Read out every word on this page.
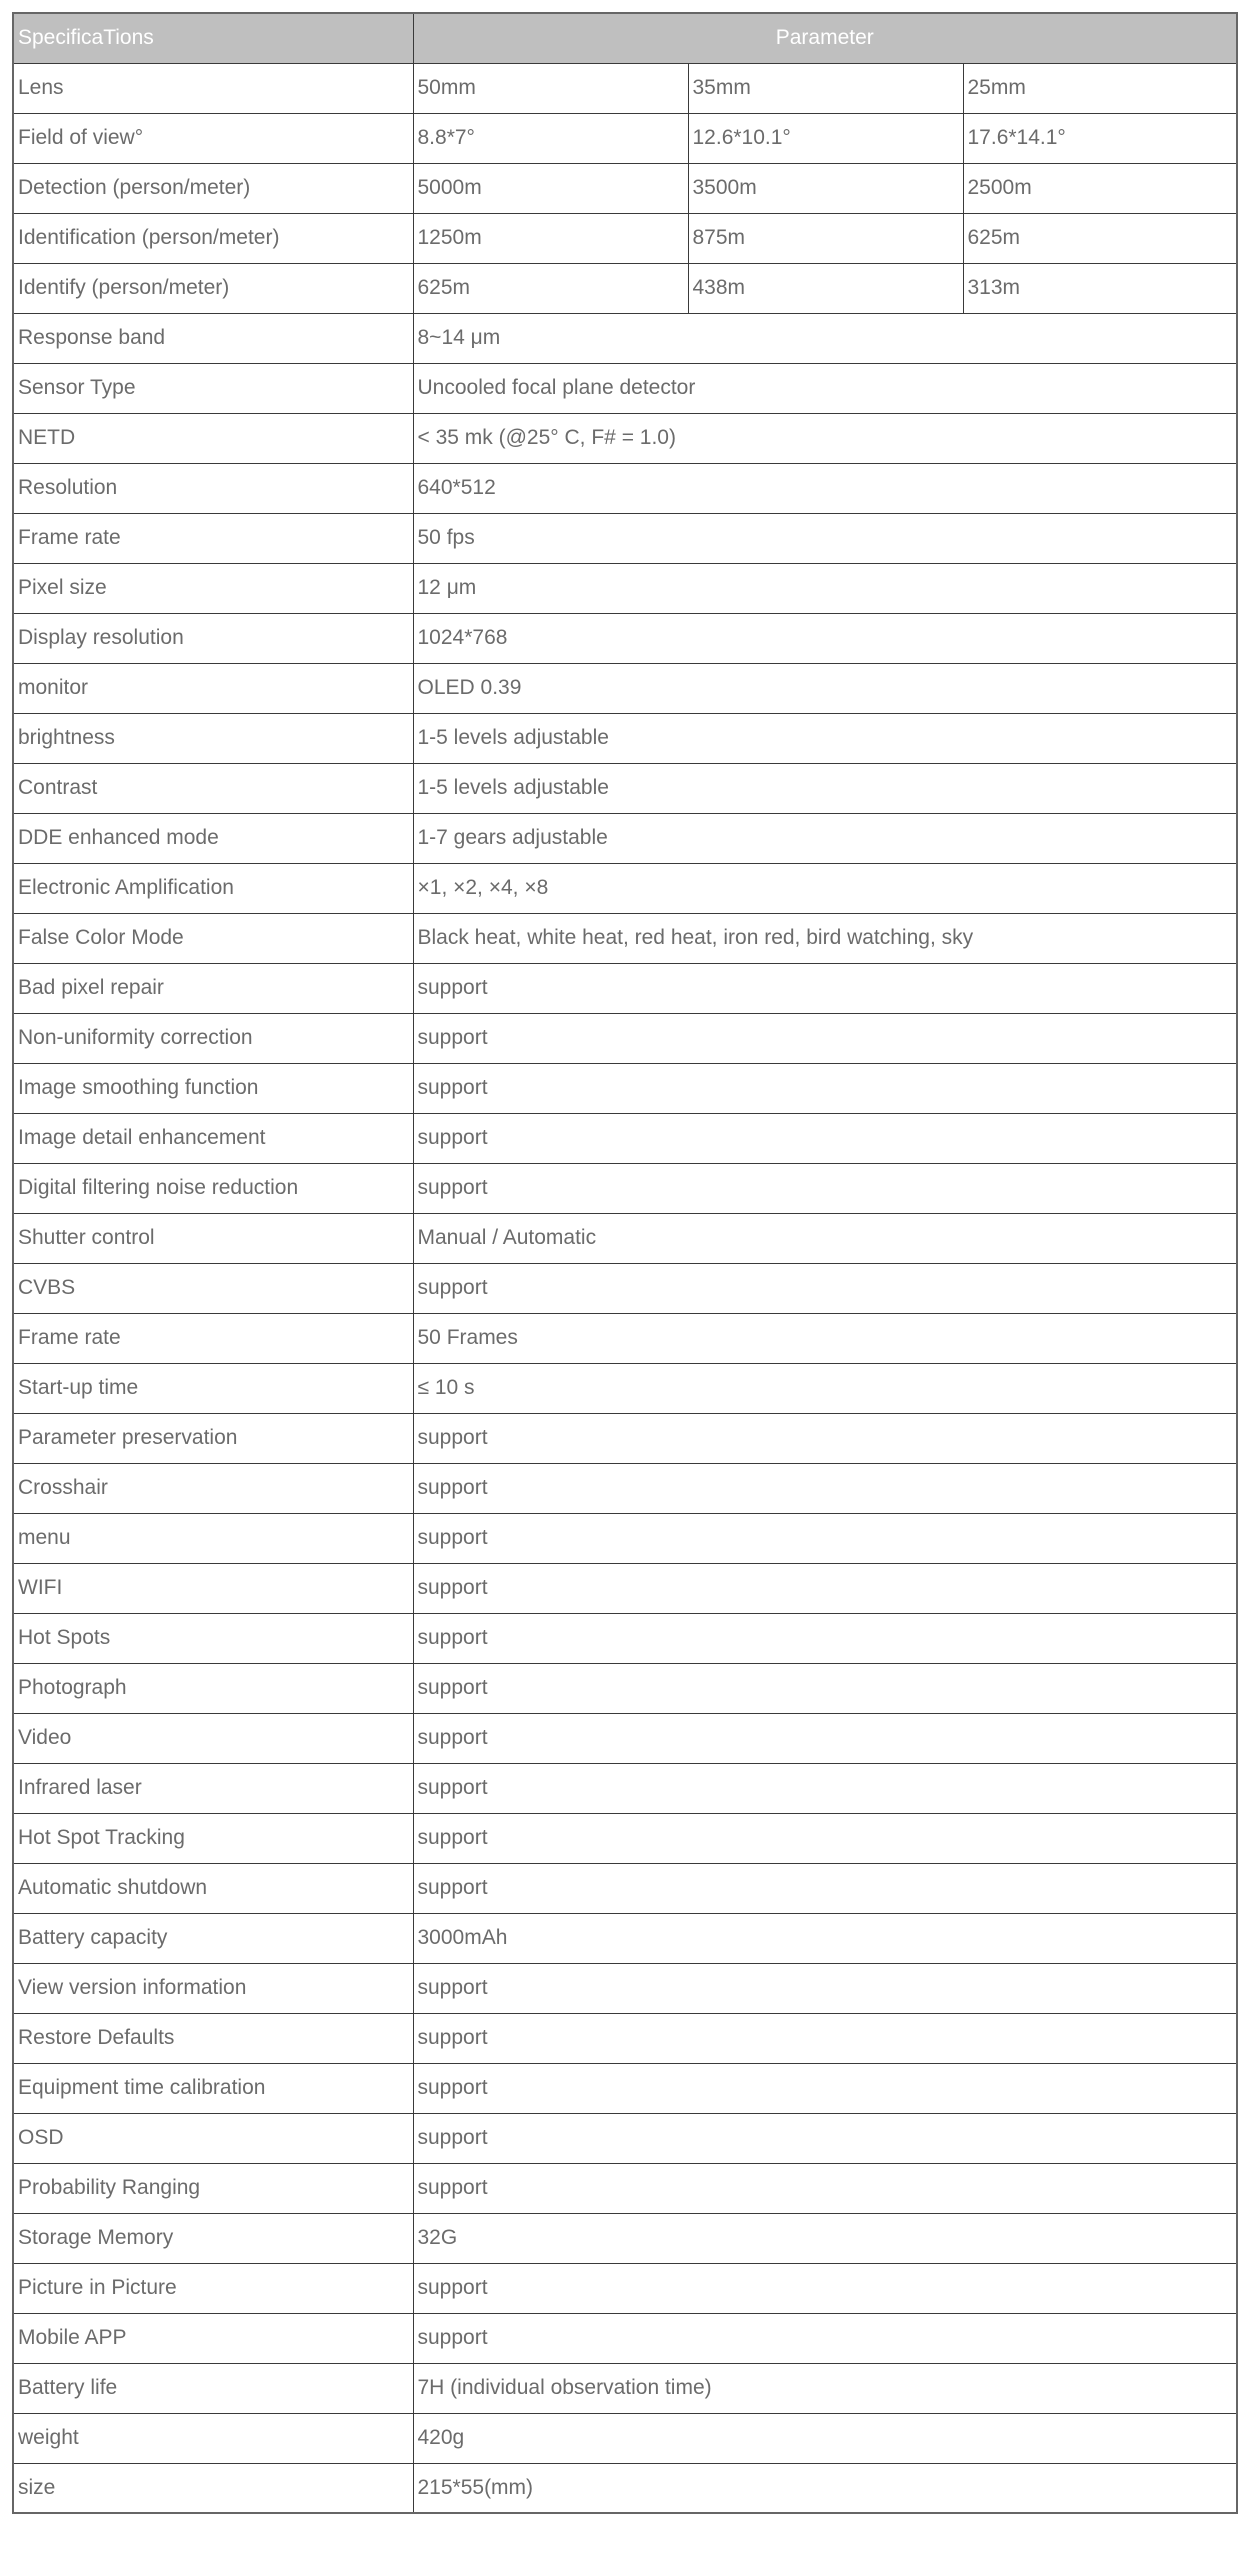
SpecificaTions	Parameter		
Lens	50mm	35mm	25mm
Field of view°	8.8*7°	12.6*10.1°	17.6*14.1°
Detection (person/meter)	5000m	3500m	2500m
Identification (person/meter)	1250m	875m	625m
Identify (person/meter)	625m	438m	313m
Response band	8~14 μm		
Sensor Type	Uncooled focal plane detector		
NETD	< 35 mk (@25° C, F# = 1.0)		
Resolution	640*512		
Frame rate	50 fps		
Pixel size	12 μm		
Display resolution	1024*768		
monitor	OLED 0.39		
brightness	1-5 levels adjustable		
Contrast	1-5 levels adjustable		
DDE enhanced mode	1-7 gears adjustable		
Electronic Amplification	×1, ×2, ×4, ×8		
False Color Mode	Black heat, white heat, red heat, iron red, bird watching, sky		
Bad pixel repair	support		
Non-uniformity correction	support		
Image smoothing function	support		
Image detail enhancement	support		
Digital filtering noise reduction	support		
Shutter control	Manual / Automatic		
CVBS	support		
Frame rate	50 Frames		
Start-up time	≤ 10 s		
Parameter preservation	support		
Crosshair	support		
menu	support		
WIFI	support		
Hot Spots	support		
Photograph	support		
Video	support		
Infrared laser	support		
Hot Spot Tracking	support		
Automatic shutdown	support		
Battery capacity	3000mAh		
View version information	support		
Restore Defaults	support		
Equipment time calibration	support		
OSD	support		
Probability Ranging	support		
Storage Memory	32G		
Picture in Picture	support		
Mobile APP	support		
Battery life	7H (individual observation time)		
weight	420g		
size	215*55(mm)		
